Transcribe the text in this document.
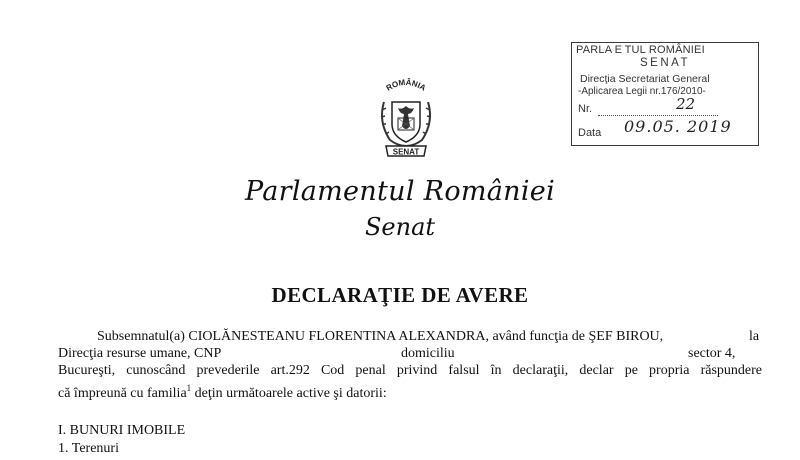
ROMÂNIA
SENAT
PARLA E TUL ROMÂNIEI
SENAT
Direcţia Secretariat General
-Aplicarea Legii nr.176/2010-
Nr.	22
Data 09.05. 2019
Parlamentul României
Senat
DECLARAŢIE DE AVERE
Subsemnatul(a) CIOLĂNESTEANU FLORENTINA ALEXANDRA, având funcţia de ŞEF BIROU,	la
Direcţia resurse umane, CNP	domiciliu	sector 4,
Bucureşti, cunoscând prevederile art.292 Cod penal privind falsul în declaraţii, declar pe propria răspundere
că împreună cu familia$^1$ deţin următoarele active şi datorii:
I. BUNURI IMOBILE
1. Terenuri
